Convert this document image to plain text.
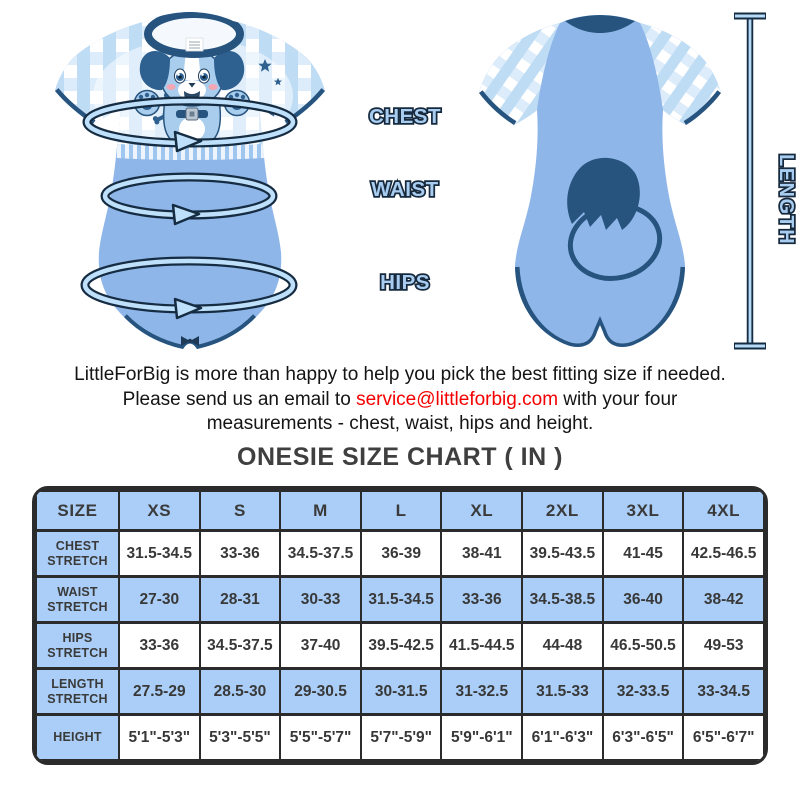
CHEST
WAIST
HIPS
LENGTH
LittleForBig is more than happy to help you pick the best fitting size if needed.
Please send us an email to service@littleforbig.com with your four
measurements - chest, waist, hips and height.
ONESIE SIZE CHART ( IN )
SIZE	XS	S	M	L	XL	2XL	3XL	4XL
CHEST STRETCH	31.5-34.5	33-36	34.5-37.5	36-39	38-41	39.5-43.5	41-45	42.5-46.5
WAIST STRETCH	27-30	28-31	30-33	31.5-34.5	33-36	34.5-38.5	36-40	38-42
HIPS STRETCH	33-36	34.5-37.5	37-40	39.5-42.5	41.5-44.5	44-48	46.5-50.5	49-53
LENGTH STRETCH	27.5-29	28.5-30	29-30.5	30-31.5	31-32.5	31.5-33	32-33.5	33-34.5
HEIGHT	5'1"-5'3"	5'3"-5'5"	5'5"-5'7"	5'7"-5'9"	5'9"-6'1"	6'1"-6'3"	6'3"-6'5"	6'5"-6'7"
